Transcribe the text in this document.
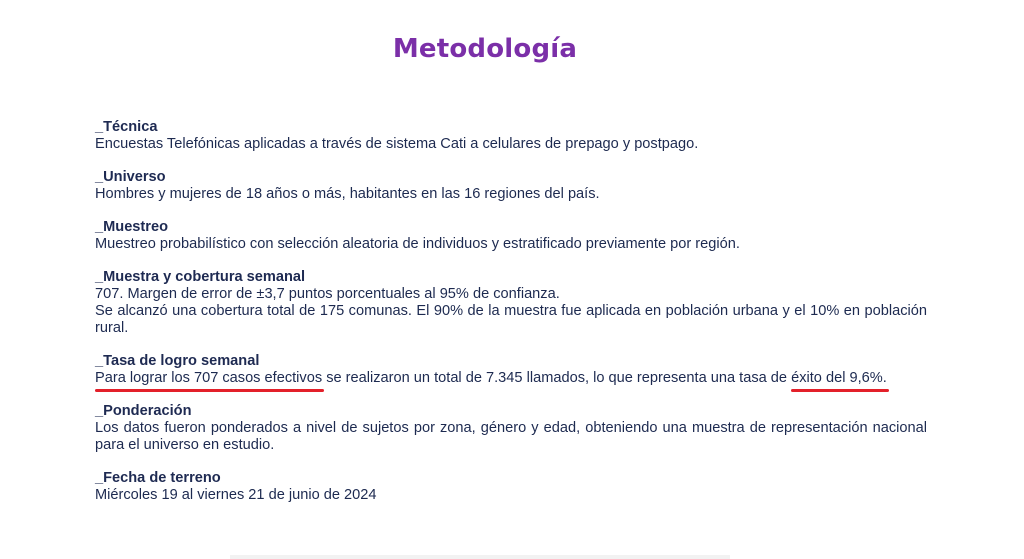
Metodología
_Técnica
Encuestas Telefónicas aplicadas a través de sistema Cati a celulares de prepago y postpago.
_Universo
Hombres y mujeres de 18 años o más, habitantes en las 16 regiones del país.
_Muestreo
Muestreo probabilístico con selección aleatoria de individuos y estratificado previamente por región.
_Muestra y cobertura semanal
707. Margen de error de ±3,7 puntos porcentuales al 95% de confianza.
Se alcanzó una cobertura total de 175 comunas. El 90% de la muestra fue aplicada en población urbana y el 10% en población rural.
_Tasa de logro semanal
Para lograr los 707 casos efectivos
se realizaron un total de 7.345 llamados, lo que representa una tasa de éxito del 9,6%.
_Ponderación
Los datos fueron ponderados a nivel de sujetos por zona, género y edad, obteniendo una muestra de representación nacional para el universo en estudio.
_Fecha de terreno
Miércoles 19 al viernes 21 de junio de 2024
